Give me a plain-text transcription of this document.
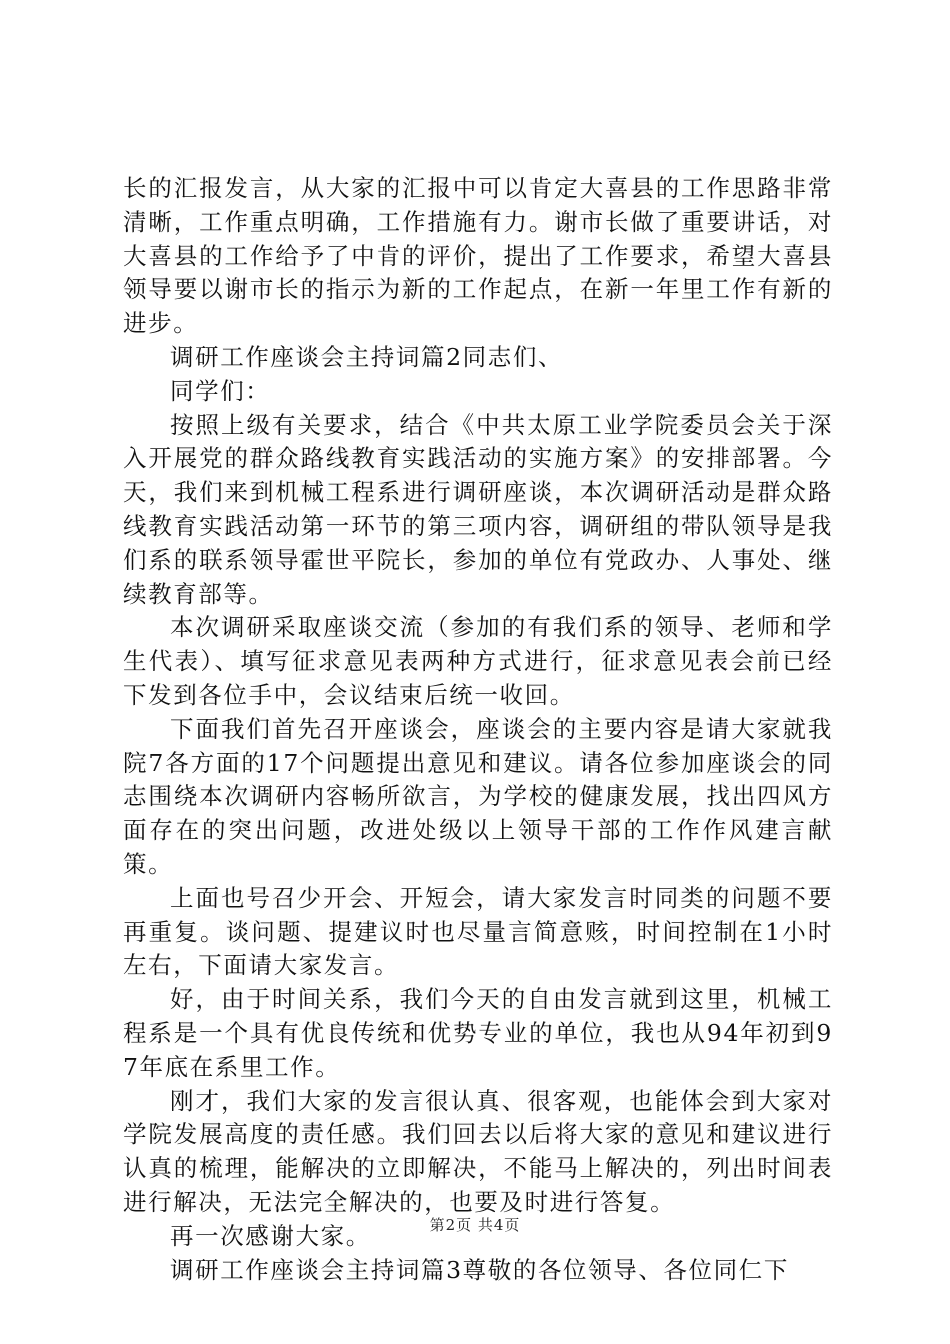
长的汇报发言，从大家的汇报中可以肯定大喜县的工作思路非常清晰，工作重点明确，工作措施有力。谢市长做了重要讲话，对大喜县的工作给予了中肯的评价，提出了工作要求，希望大喜县领导要以谢市长的指示为新的工作起点，在新一年里工作有新的进步。

调研工作座谈会主持词篇2同志们、

同学们：

按照上级有关要求，结合《中共太原工业学院委员会关于深入开展党的群众路线教育实践活动的实施方案》的安排部署。今天，我们来到机械工程系进行调研座谈，本次调研活动是群众路线教育实践活动第一环节的第三项内容，调研组的带队领导是我们系的联系领导霍世平院长，参加的单位有党政办、人事处、继续教育部等。

本次调研采取座谈交流（参加的有我们系的领导、老师和学生代表）、填写征求意见表两种方式进行，征求意见表会前已经下发到各位手中，会议结束后统一收回。

下面我们首先召开座谈会，座谈会的主要内容是请大家就我院7各方面的17个问题提出意见和建议。请各位参加座谈会的同志围绕本次调研内容畅所欲言，为学校的健康发展，找出四风方面存在的突出问题，改进处级以上领导干部的工作作风建言献策。

上面也号召少开会、开短会，请大家发言时同类的问题不要再重复。谈问题、提建议时也尽量言简意赅，时间控制在1小时左右，下面请大家发言。

好，由于时间关系，我们今天的自由发言就到这里，机械工程系是一个具有优良传统和优势专业的单位，我也从94年初到97年底在系里工作。

刚才，我们大家的发言很认真、很客观，也能体会到大家对学院发展高度的责任感。我们回去以后将大家的意见和建议进行认真的梳理，能解决的立即解决，不能马上解决的，列出时间表进行解决，无法完全解决的，也要及时进行答复。

再一次感谢大家。

调研工作座谈会主持词篇3尊敬的各位领导、各位同仁下

第2页 共4页
